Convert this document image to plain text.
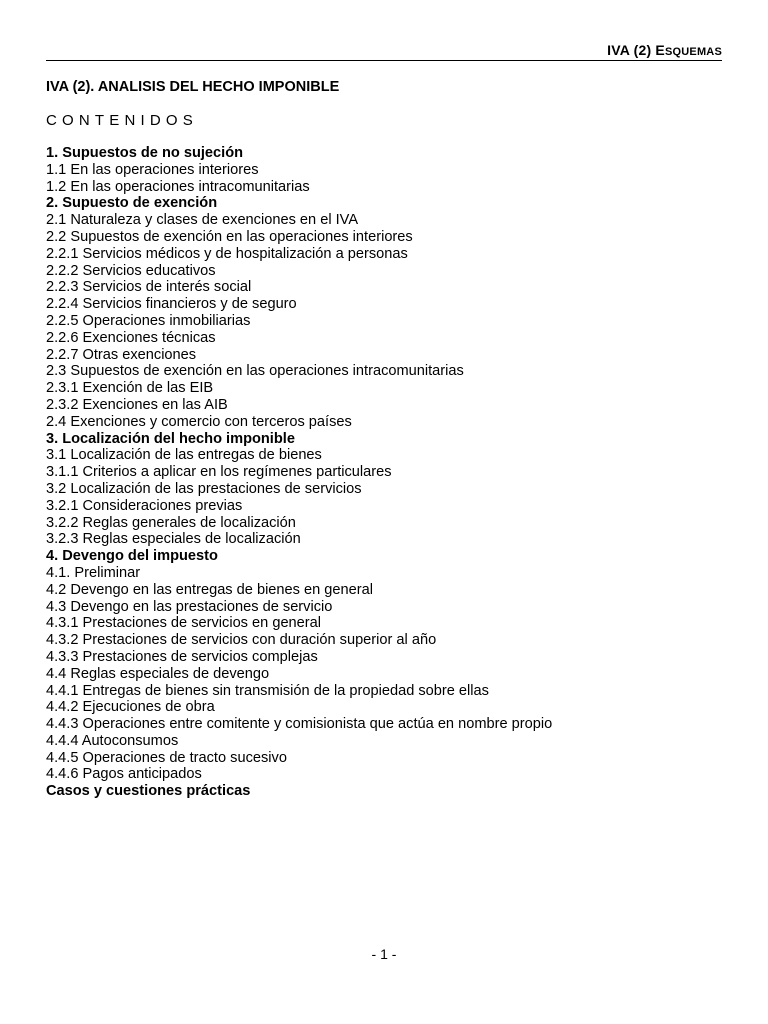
IVA (2) ESQUEMAS
IVA (2). ANALISIS DEL HECHO IMPONIBLE
CONTENIDOS
1. Supuestos de no sujeción
1.1 En las operaciones interiores
1.2 En las operaciones intracomunitarias
2. Supuesto de exención
2.1 Naturaleza y clases de exenciones en el IVA
2.2 Supuestos de exención en las operaciones interiores
2.2.1 Servicios médicos y de hospitalización a personas
2.2.2 Servicios educativos
2.2.3 Servicios de interés social
2.2.4 Servicios financieros y de seguro
2.2.5 Operaciones inmobiliarias
2.2.6 Exenciones técnicas
2.2.7 Otras exenciones
2.3 Supuestos de exención en las operaciones intracomunitarias
2.3.1 Exención de las EIB
2.3.2 Exenciones en las AIB
2.4 Exenciones y comercio con terceros países
3. Localización del hecho imponible
3.1 Localización de las entregas de bienes
3.1.1 Criterios a aplicar en los regímenes particulares
3.2 Localización de las prestaciones de servicios
3.2.1 Consideraciones previas
3.2.2 Reglas generales de localización
3.2.3 Reglas especiales de localización
4. Devengo del impuesto
4.1. Preliminar
4.2 Devengo en las entregas de bienes en general
4.3 Devengo en las prestaciones de servicio
4.3.1 Prestaciones de servicios en general
4.3.2 Prestaciones de servicios con duración superior al año
4.3.3 Prestaciones de servicios complejas
4.4 Reglas especiales de devengo
4.4.1 Entregas de bienes sin transmisión de la propiedad sobre ellas
4.4.2 Ejecuciones de obra
4.4.3 Operaciones entre comitente y comisionista que actúa en nombre propio
4.4.4 Autoconsumos
4.4.5 Operaciones de tracto sucesivo
4.4.6 Pagos anticipados
Casos y cuestiones prácticas
- 1 -
